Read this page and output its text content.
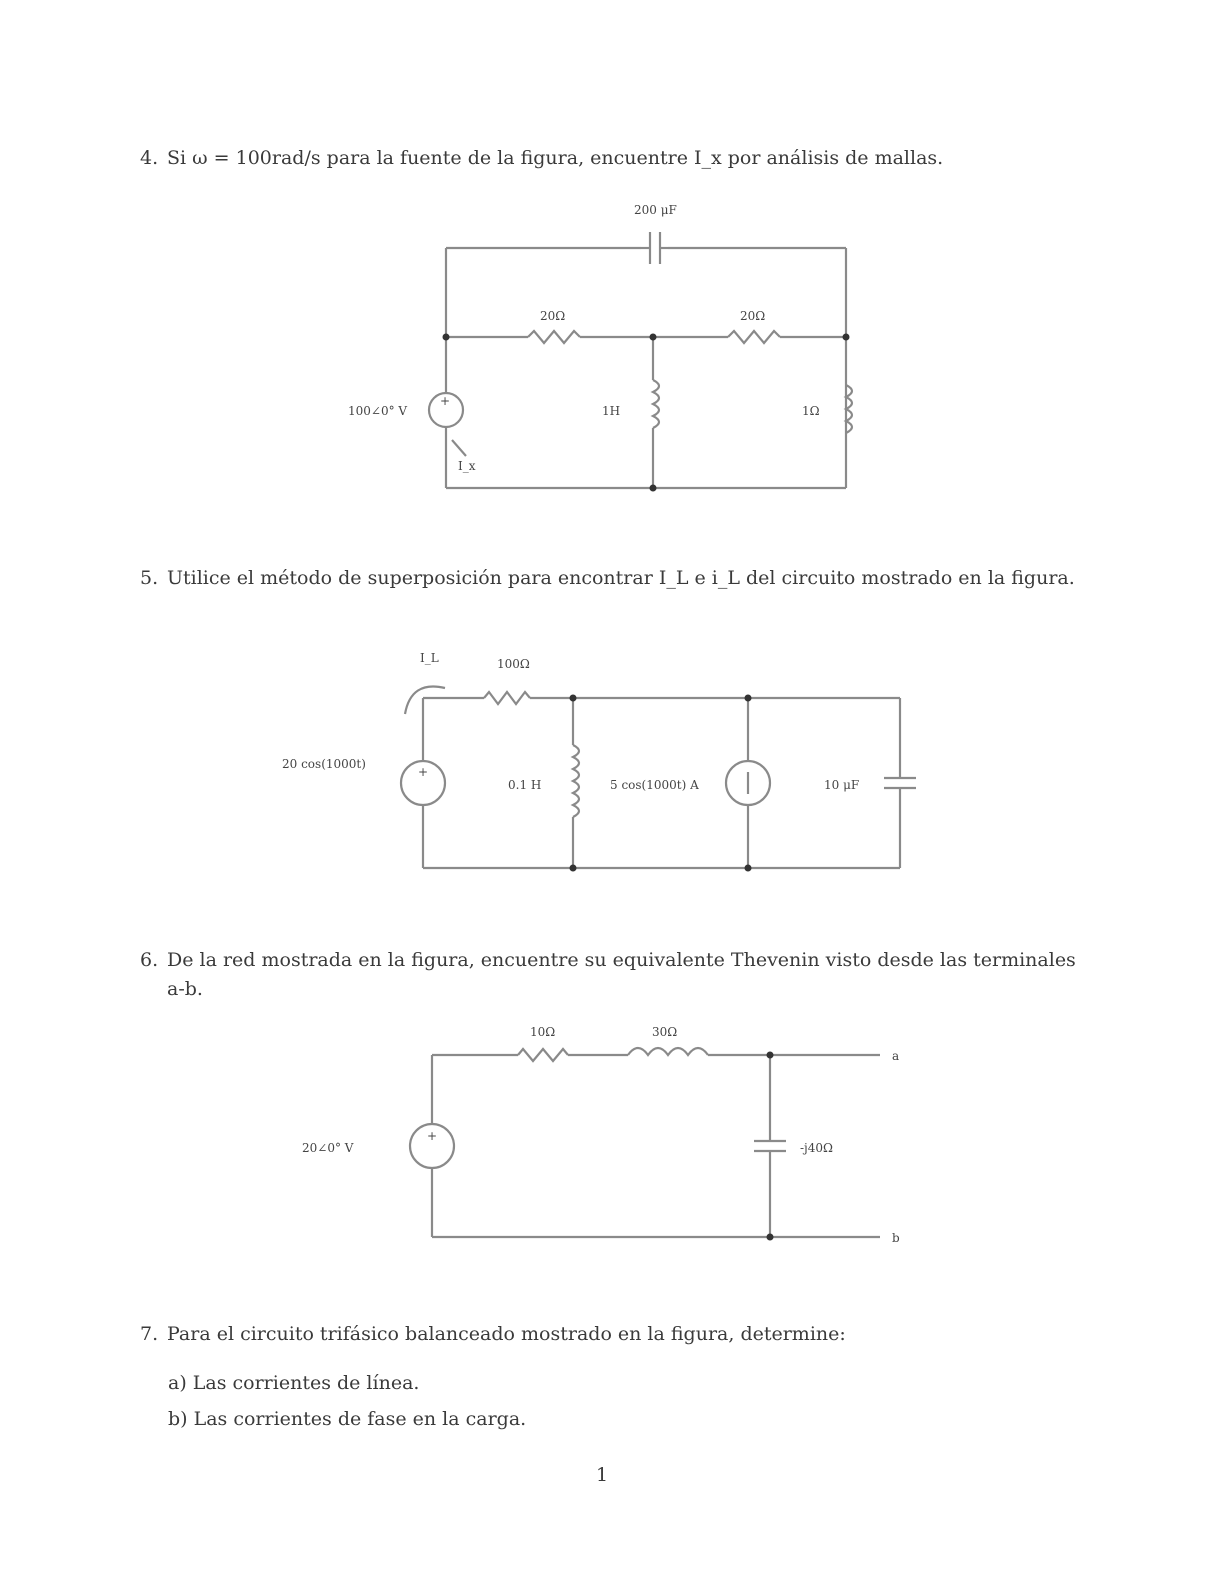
4. Si ω = 100rad/s para la fuente de la figura, encuentre I_x por análisis de mallas.
200 μF
20Ω	20Ω
1H	1Ω
+
100∠0° V
I_x
100Ω
I_L
+
20 cos(1000t)
0.1 H	5 cos(1000t) A	10 μF
10Ω	30Ω
+
20∠0° V	-j40Ω
a
b
5. Utilice el método de superposición para encontrar I_L e i_L del circuito mostrado en la figura.
6. De la red mostrada en la figura, encuentre su equivalente Thevenin visto desde las terminales a-b.
7. Para el circuito trifásico balanceado mostrado en la figura, determine:
a) Las corrientes de línea.
b) Las corrientes de fase en la carga.
1
